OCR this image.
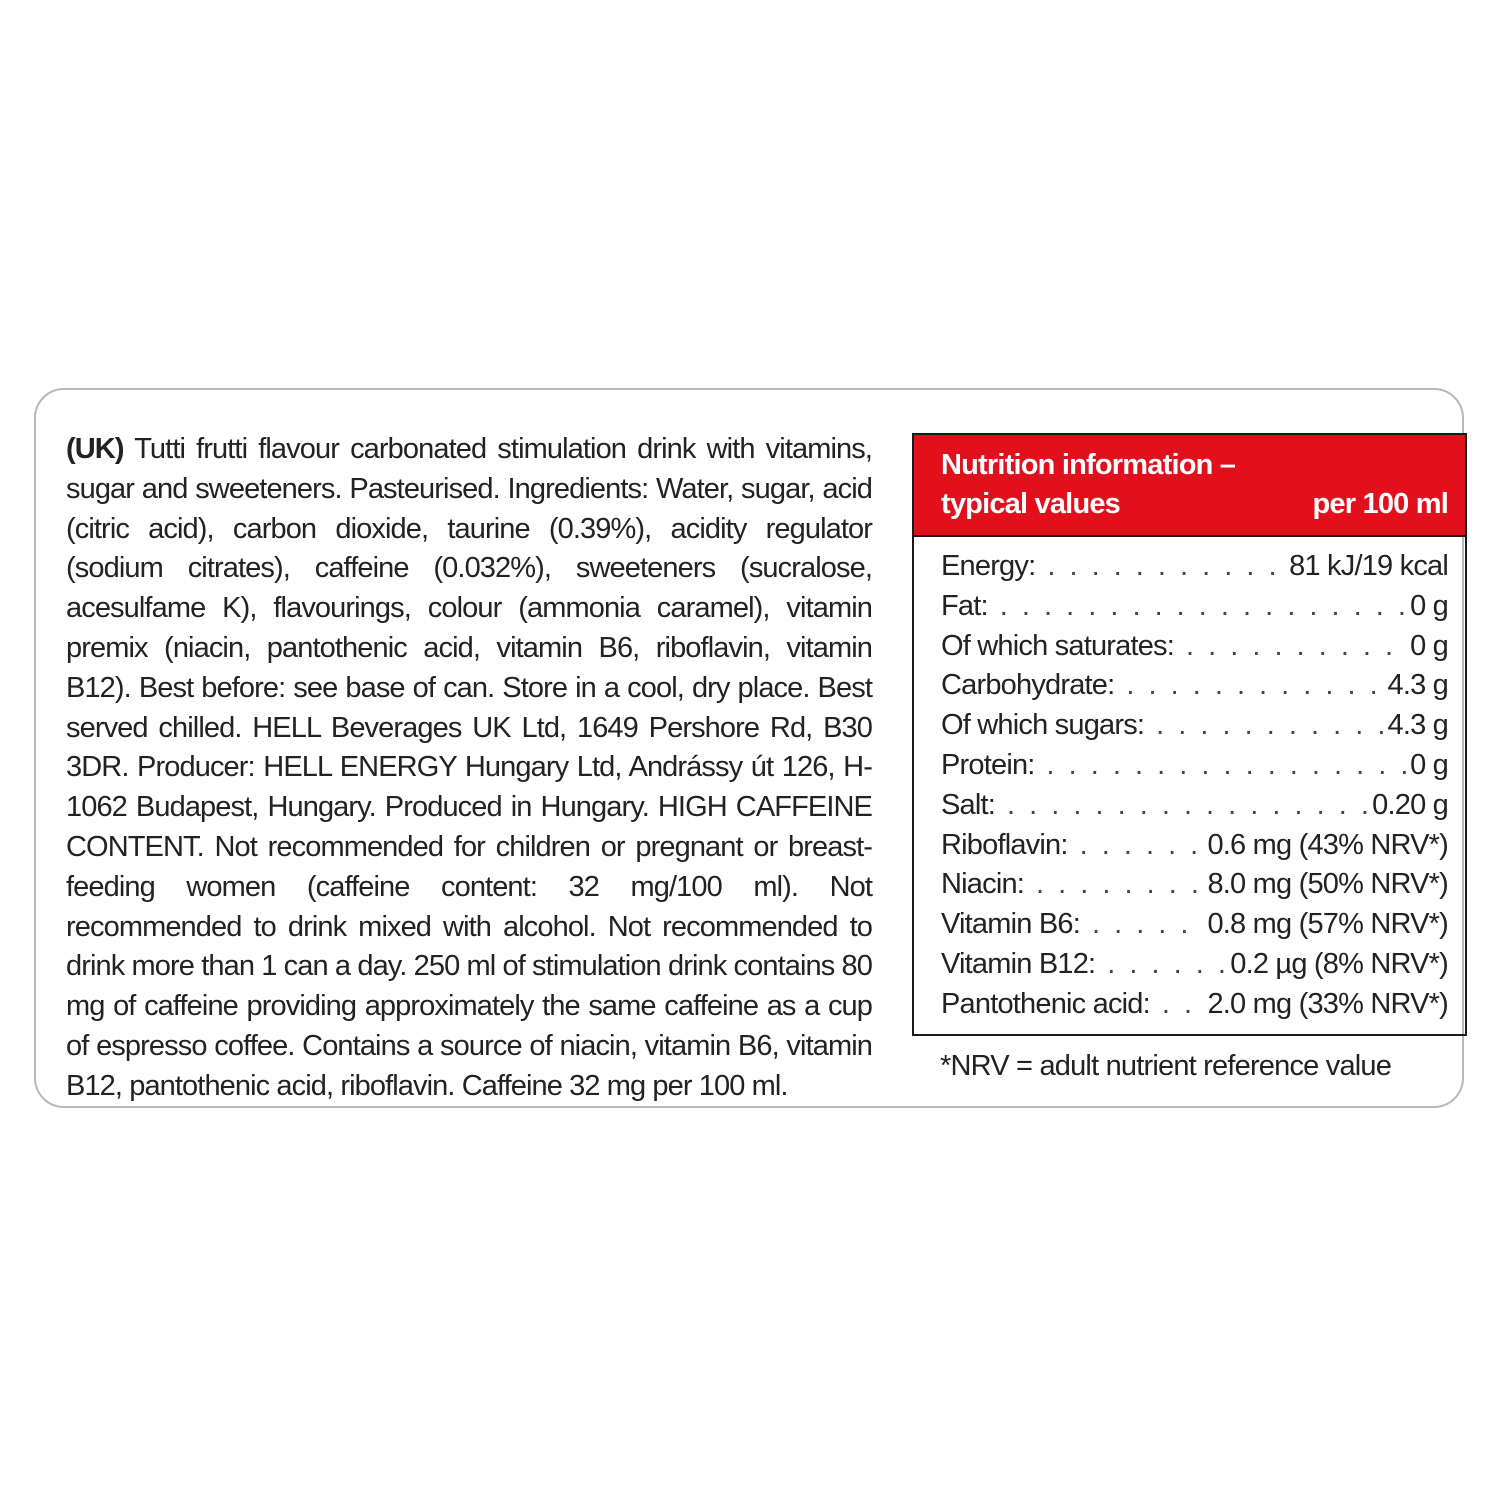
(UK) Tutti frutti flavour carbonated stimulation drink with vitamins, sugar and sweeteners. Pasteurised. Ingredients: Water, sugar, acid (citric acid), carbon dioxide, taurine (0.39%), acidity regulator (sodium citrates), caffeine (0.032%), sweeteners (sucralose, acesulfame K), flavourings, colour (ammonia caramel), vitamin premix (niacin, pantothenic acid, vitamin B6, riboflavin, vitamin B12). Best before: see base of can. Store in a cool, dry place. Best served chilled. HELL Beverages UK Ltd, 1649 Pershore Rd, B30 3DR. Producer: HELL ENERGY Hungary Ltd, Andrássy út 126, H-1062 Budapest, Hungary. Produced in Hungary. HIGH CAFFEINE CONTENT. Not recommended for children or pregnant or breast-feeding women (caffeine content: 32 mg/100 ml). Not recommended to drink mixed with alcohol. Not recommended to drink more than 1 can a day. 250 ml of stimulation drink contains 80 mg of caffeine providing approximately the same caffeine as a cup of espresso coffee. Contains a source of niacin, vitamin B6, vitamin B12, pantothenic acid, riboflavin. Caffeine 32 mg per 100 ml.
Nutrition information –
typical values	per 100 ml
Energy: . . .	81 kJ/19 kcal
Fat: . . .	0 g
Of which saturates: . . .	0 g
Carbohydrate: . . .	4.3 g
Of which sugars: . . .	4.3 g
Protein: . . .	0 g
Salt: . . .	0.20 g
Riboflavin: . . .	0.6 mg (43% NRV*)
Niacin: . . .	8.0 mg (50% NRV*)
Vitamin B6: . . .	0.8 mg (57% NRV*)
Vitamin B12: . . .	0.2 µg (8% NRV*)
Pantothenic acid: . . . 2.0 mg (33% NRV*)
*NRV = adult nutrient reference value
